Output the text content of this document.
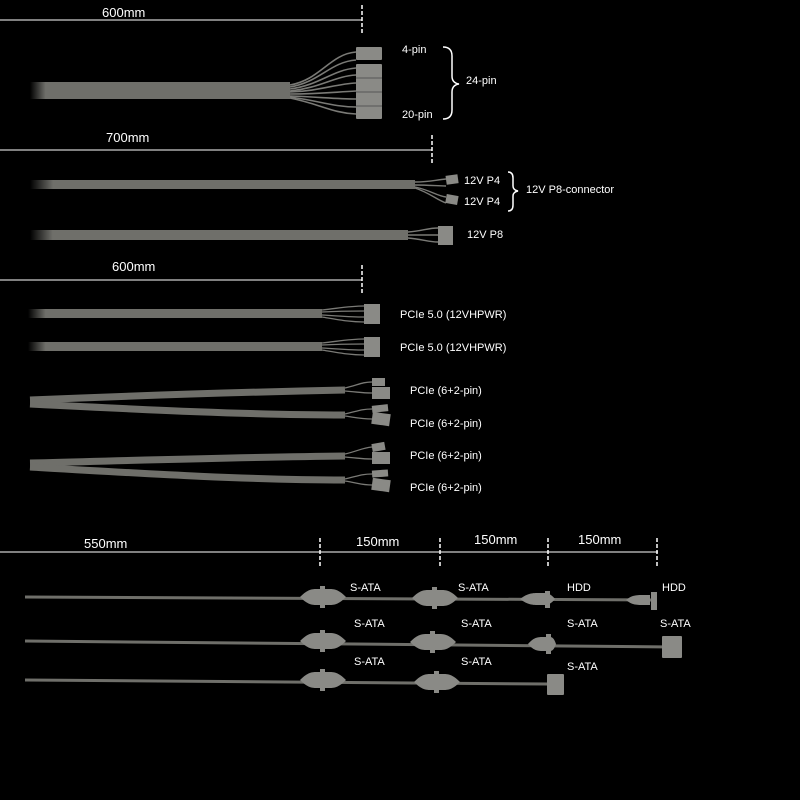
600mm
4-pin
20-pin
24-pin
700mm
12V P4
12V P4
12V P8
12V P8-connector
600mm
PCIe 5.0 (12VHPWR)
PCIe 5.0 (12VHPWR)
PCIe (6+2-pin)
PCIe (6+2-pin)
PCIe (6+2-pin)
PCIe (6+2-pin)
550mm	150mm	150mm	150mm
S-ATA	S-ATA	HDD	HDD
S-ATA	S-ATA	S-ATA	S-ATA
S-ATA	S-ATA	S-ATA
